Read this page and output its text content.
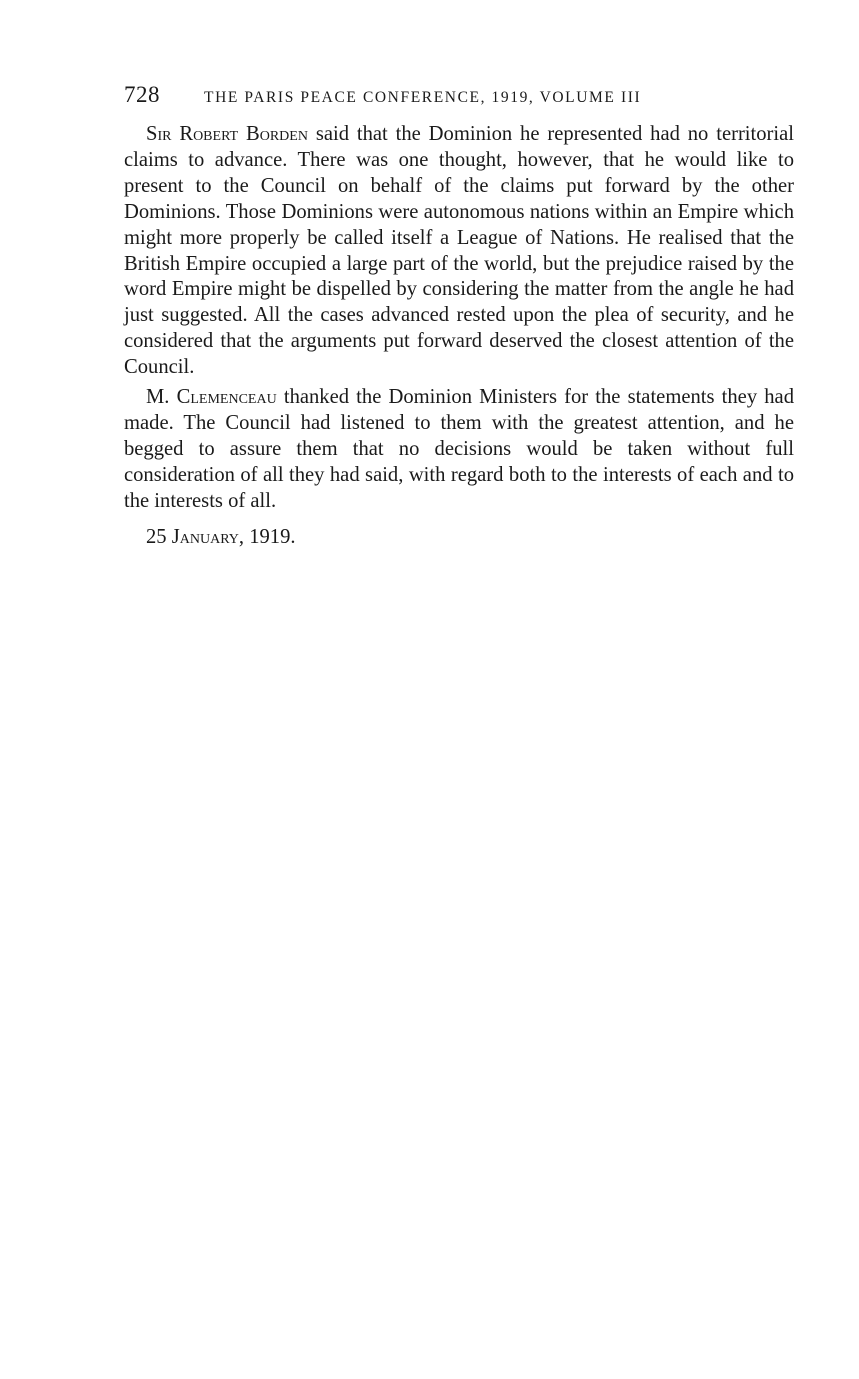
728	THE PARIS PEACE CONFERENCE, 1919, VOLUME III

Sir Robert Borden said that the Dominion he represented had no territorial claims to advance. There was one thought, however, that he would like to present to the Council on behalf of the claims put forward by the other Dominions. Those Dominions were autonomous nations within an Empire which might more properly be called itself a League of Nations. He realised that the British Empire occupied a large part of the world, but the prejudice raised by the word Empire might be dispelled by considering the matter from the angle he had just suggested. All the cases advanced rested upon the plea of security, and he considered that the arguments put forward deserved the closest attention of the Council.

M. Clemenceau thanked the Dominion Ministers for the statements they had made. The Council had listened to them with the greatest attention, and he begged to assure them that no decisions would be taken without full consideration of all they had said, with regard both to the interests of each and to the interests of all.

25 January, 1919.
